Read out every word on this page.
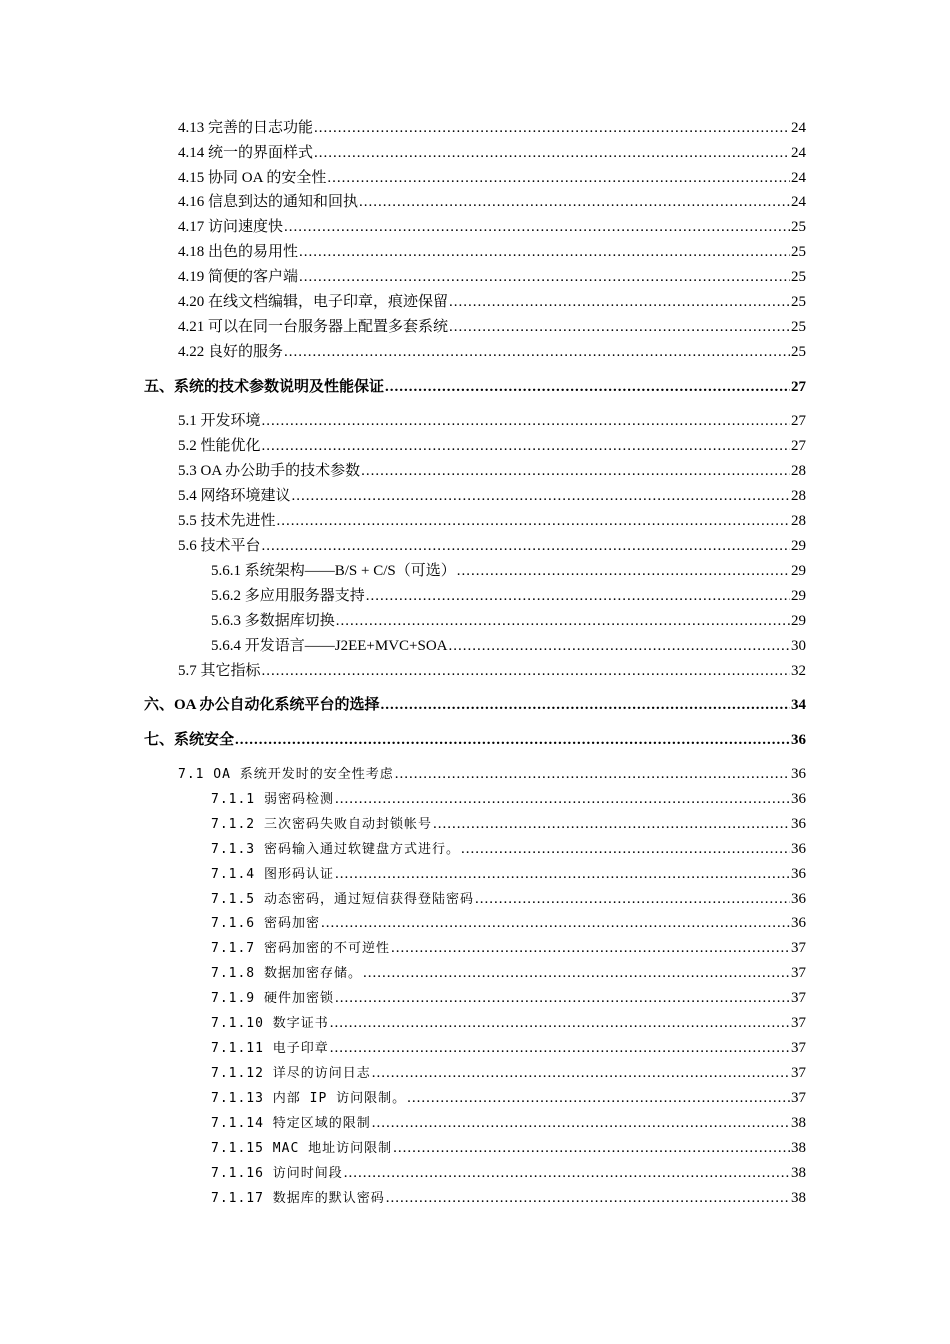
4.13 完善的日志功能 .....	24
4.14 统一的界面样式 .....	24
4.15 协同 OA 的安全性 .....	24
4.16 信息到达的通知和回执 .....	24
4.17 访问速度快 .....	25
4.18 出色的易用性 .....	25
4.19 简便的客户端 .....	25
4.20 在线文档编辑，电子印章，痕迹保留 .....	25
4.21 可以在同一台服务器上配置多套系统 .....	25
4.22 良好的服务 .....	25
五、 系统的技术参数说明及性能保证 .....	27
5.1 开发环境 .....	27
5.2 性能优化 .....	27
5.3 OA 办公助手的技术参数 .....	28
5.4 网络环境建议 .....	28
5.5 技术先进性 .....	28
5.6 技术平台 .....	29
5.6.1 系统架构——B/S + C/S（可选） .....	29
5.6.2 多应用服务器支持 .....	29
5.6.3 多数据库切换 .....	29
5.6.4 开发语言——J2EE+MVC+SOA .....	30
5.7 其它指标 .....	32
六、 OA 办公自动化系统平台的选择 .....	34
七、 系统安全 .....	36
7.1 OA 系统开发时的安全性考虑 .....	36
7.1.1 弱密码检测 .....	36
7.1.2 三次密码失败自动封锁帐号 .....	36
7.1.3 密码输入通过软键盘方式进行。 .....	36
7.1.4 图形码认证 .....	36
7.1.5 动态密码，通过短信获得登陆密码 .....	36
7.1.6 密码加密 .....	36
7.1.7 密码加密的不可逆性 .....	37
7.1.8 数据加密存储。 .....	37
7.1.9 硬件加密锁 .....	37
7.1.10 数字证书 .....	37
7.1.11 电子印章 .....	37
7.1.12 详尽的访问日志 .....	37
7.1.13 内部 IP 访问限制。 .....	37
7.1.14 特定区域的限制 .....	38
7.1.15 MAC 地址访问限制 .....	38
7.1.16 访问时间段 .....	38
7.1.17 数据库的默认密码 .....	38
